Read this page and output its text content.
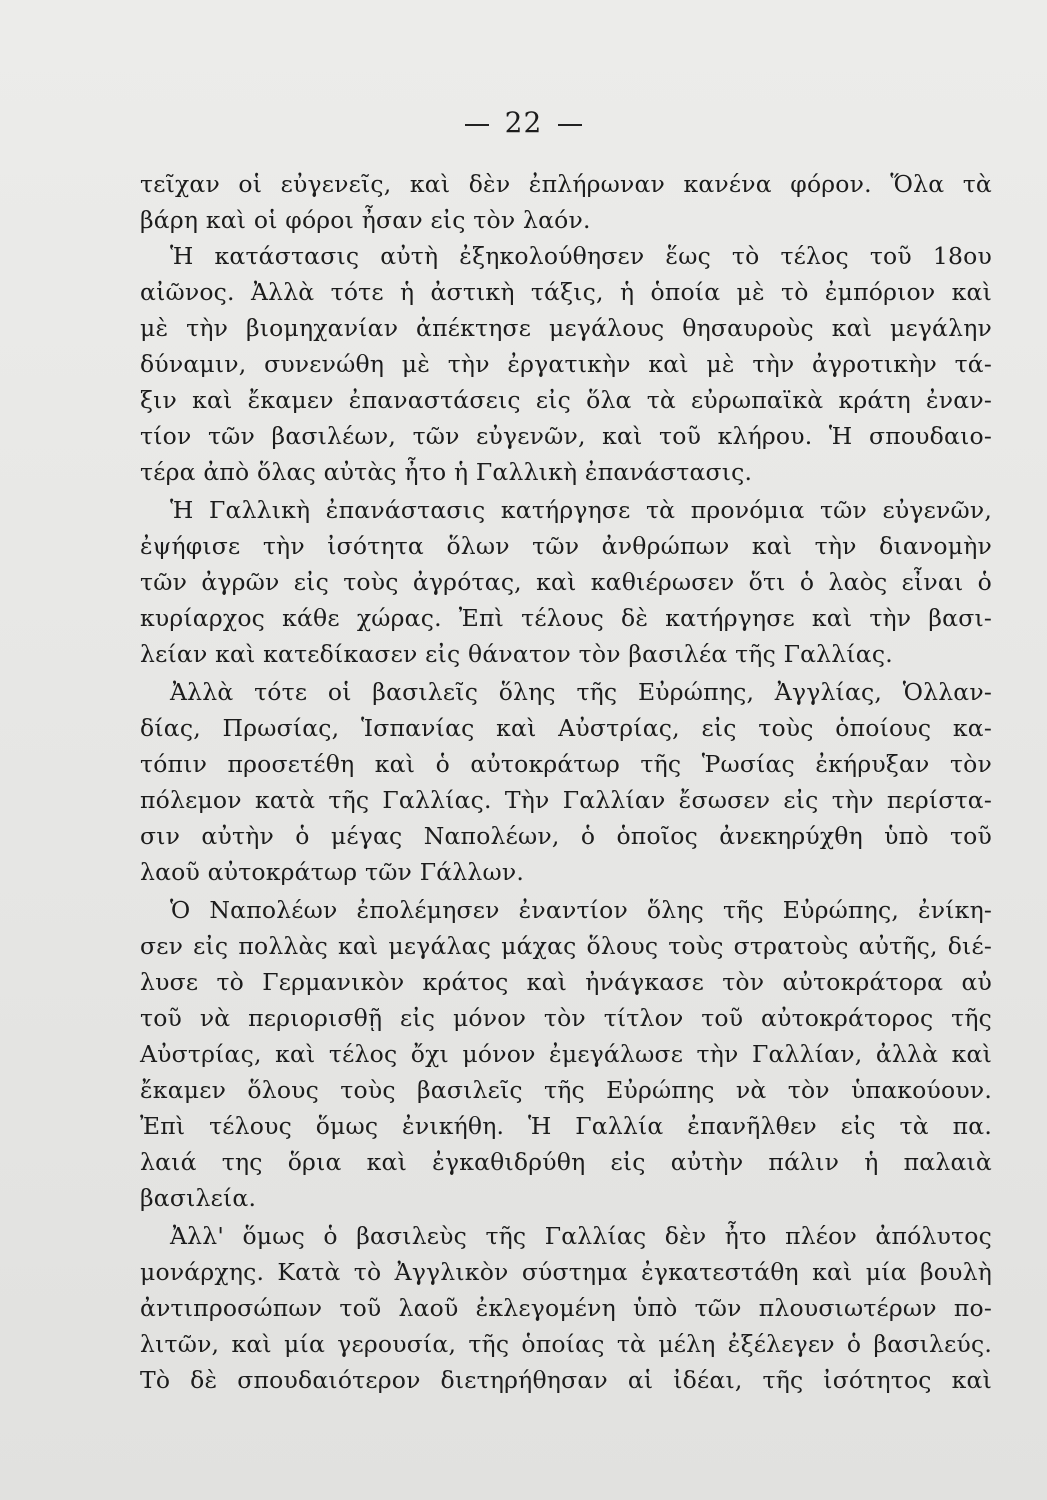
22
τεῖχαν οἱ εὐγενεῖς, καὶ δὲν ἐπλήρωναν κανένα φόρον. Ὅλα τὰ
βάρη καὶ οἱ φόροι ἦσαν εἰς τὸν λαόν.
Ἡ κατάστασις αὐτὴ ἐξηκολούθησεν ἕως τὸ τέλος τοῦ 18ου
αἰῶνος. Ἀλλὰ τότε ἡ ἀστικὴ τάξις, ἡ ὁποία μὲ τὸ ἐμπόριον καὶ
μὲ τὴν βιομηχανίαν ἀπέκτησε μεγάλους θησαυροὺς καὶ μεγάλην
δύναμιν, συνενώθη μὲ τὴν ἐργατικὴν καὶ μὲ τὴν ἀγροτικὴν τά-
ξιν καὶ ἔκαμεν ἐπαναστάσεις εἰς ὅλα τὰ εὐρωπαϊκὰ κράτη ἐναν-
τίον τῶν βασιλέων, τῶν εὐγενῶν, καὶ τοῦ κλήρου. Ἡ σπουδαιο-
τέρα ἀπὸ ὅλας αὐτὰς ἦτο ἡ Γαλλικὴ ἐπανάστασις.
Ἡ Γαλλικὴ ἐπανάστασις κατήργησε τὰ προνόμια τῶν εὐγενῶν,
ἐψήφισε τὴν ἰσότητα ὅλων τῶν ἀνθρώπων καὶ τὴν διανομὴν
τῶν ἀγρῶν εἰς τοὺς ἀγρότας, καὶ καθιέρωσεν ὅτι ὁ λαὸς εἶναι ὁ
κυρίαρχος κάθε χώρας. Ἐπὶ τέλους δὲ κατήργησε καὶ τὴν βασι-
λείαν καὶ κατεδίκασεν εἰς θάνατον τὸν βασιλέα τῆς Γαλλίας.
Ἀλλὰ τότε οἱ βασιλεῖς ὅλης τῆς Εὐρώπης, Ἀγγλίας, Ὁλλαν-
δίας, Πρωσίας, Ἱσπανίας καὶ Αὐστρίας, εἰς τοὺς ὁποίους κα-
τόπιν προσετέθη καὶ ὁ αὐτοκράτωρ τῆς Ῥωσίας ἐκήρυξαν τὸν
πόλεμον κατὰ τῆς Γαλλίας. Τὴν Γαλλίαν ἔσωσεν εἰς τὴν περίστα-
σιν αὐτὴν ὁ μέγας Ναπολέων, ὁ ὁποῖος ἀνεκηρύχθη ὑπὸ τοῦ
λαοῦ αὐτοκράτωρ τῶν Γάλλων.
Ὁ Ναπολέων ἐπολέμησεν ἐναντίον ὅλης τῆς Εὐρώπης, ἐνίκη-
σεν εἰς πολλὰς καὶ μεγάλας μάχας ὅλους τοὺς στρατοὺς αὐτῆς, διέ-
λυσε τὸ Γερμανικὸν κράτος καὶ ἠνάγκασε τὸν αὐτοκράτορα αὐ
τοῦ νὰ περιορισθῇ εἰς μόνον τὸν τίτλον τοῦ αὐτοκράτορος τῆς
Αὐστρίας, καὶ τέλος ὄχι μόνον ἐμεγάλωσε τὴν Γαλλίαν, ἀλλὰ καὶ
ἔκαμεν ὅλους τοὺς βασιλεῖς τῆς Εὐρώπης νὰ τὸν ὑπακούουν.
Ἐπὶ τέλους ὅμως ἐνικήθη. Ἡ Γαλλία ἐπανῆλθεν εἰς τὰ πα.
λαιά της ὅρια καὶ ἐγκαθιδρύθη εἰς αὐτὴν πάλιν ἡ παλαιὰ
βασιλεία.
Ἀλλ' ὅμως ὁ βασιλεὺς τῆς Γαλλίας δὲν ἦτο πλέον ἀπόλυτος
μονάρχης. Κατὰ τὸ Ἀγγλικὸν σύστημα ἐγκατεστάθη καὶ μία βουλὴ
ἀντιπροσώπων τοῦ λαοῦ ἐκλεγομένη ὑπὸ τῶν πλουσιωτέρων πο-
λιτῶν, καὶ μία γερουσία, τῆς ὁποίας τὰ μέλη ἐξέλεγεν ὁ βασιλεύς.
Τὸ δὲ σπουδαιότερον διετηρήθησαν αἱ ἰδέαι, τῆς ἰσότητος καὶ
